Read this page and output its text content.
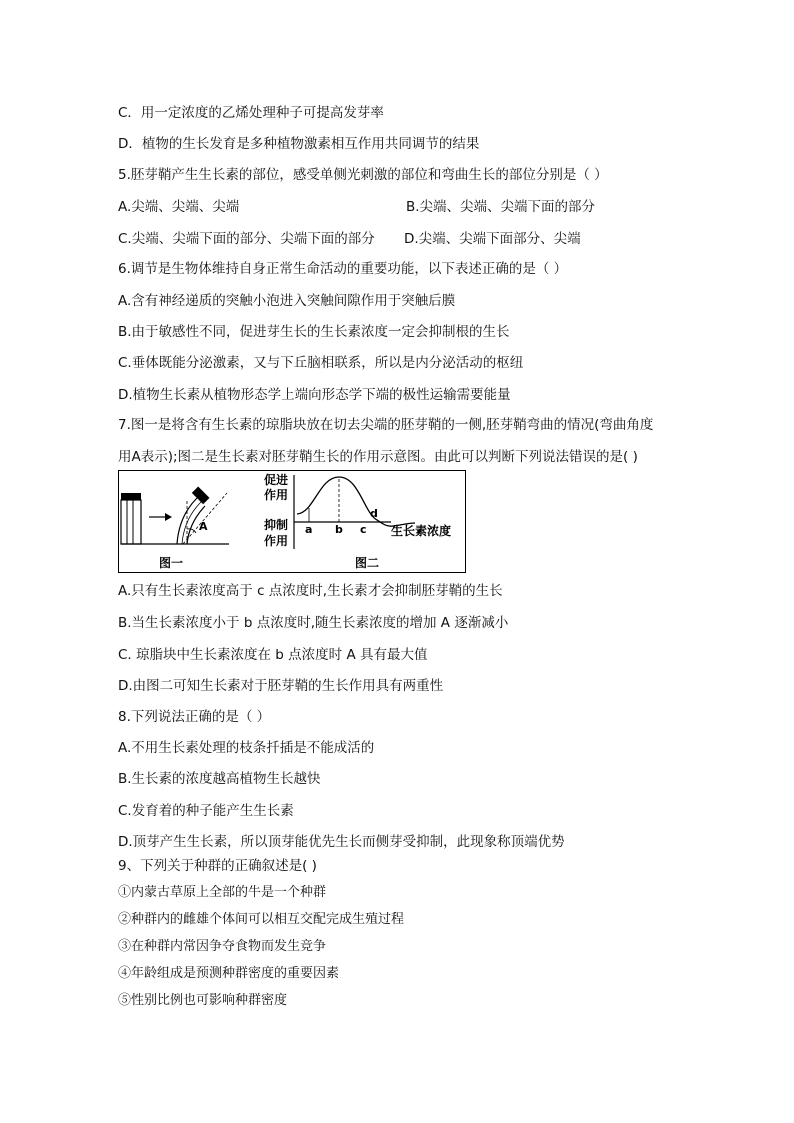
C．用一定浓度的乙烯处理种子可提高发芽率
D．植物的生长发育是多种植物激素相互作用共同调节的结果
5.胚芽鞘产生生长素的部位，感受单侧光刺激的部位和弯曲生长的部位分别是（ ）
A.尖端、尖端、尖端	B.尖端、尖端、尖端下面的部分
C.尖端、尖端下面的部分、尖端下面的部分 D.尖端、尖端下面部分、尖端
6.调节是生物体维持自身正常生命活动的重要功能，以下表述正确的是（ ）
A.含有神经递质的突触小泡进入突触间隙作用于突触后膜
B.由于敏感性不同，促进芽生长的生长素浓度一定会抑制根的生长
C.垂体既能分泌激素，又与下丘脑相联系，所以是内分泌活动的枢纽
D.植物生长素从植物形态学上端向形态学下端的极性运输需要能量
7.图一是将含有生长素的琼脂块放在切去尖端的胚芽鞘的一侧,胚芽鞘弯曲的情况(弯曲角度
用A表示);图二是生长素对胚芽鞘生长的作用示意图。由此可以判断下列说法错误的是( )
A
图一
促进
作用
抑制
作用
a b c
d
生长素浓度
图二
A.只有生长素浓度高于 c 点浓度时,生长素才会抑制胚芽鞘的生长
B.当生长素浓度小于 b 点浓度时,随生长素浓度的增加 A 逐渐减小
C. 琼脂块中生长素浓度在 b 点浓度时 A 具有最大值
D.由图二可知生长素对于胚芽鞘的生长作用具有两重性
8.下列说法正确的是（ ）
A.不用生长素处理的枝条扦插是不能成活的
B.生长素的浓度越高植物生长越快
C.发育着的种子能产生生长素
D.顶芽产生生长素，所以顶芽能优先生长而侧芽受抑制，此现象称顶端优势
9、下列关于种群的正确叙述是( )
①内蒙古草原上全部的牛是一个种群
②种群内的雌雄个体间可以相互交配完成生殖过程
③在种群内常因争夺食物而发生竞争
④年龄组成是预测种群密度的重要因素
⑤性别比例也可影响种群密度
